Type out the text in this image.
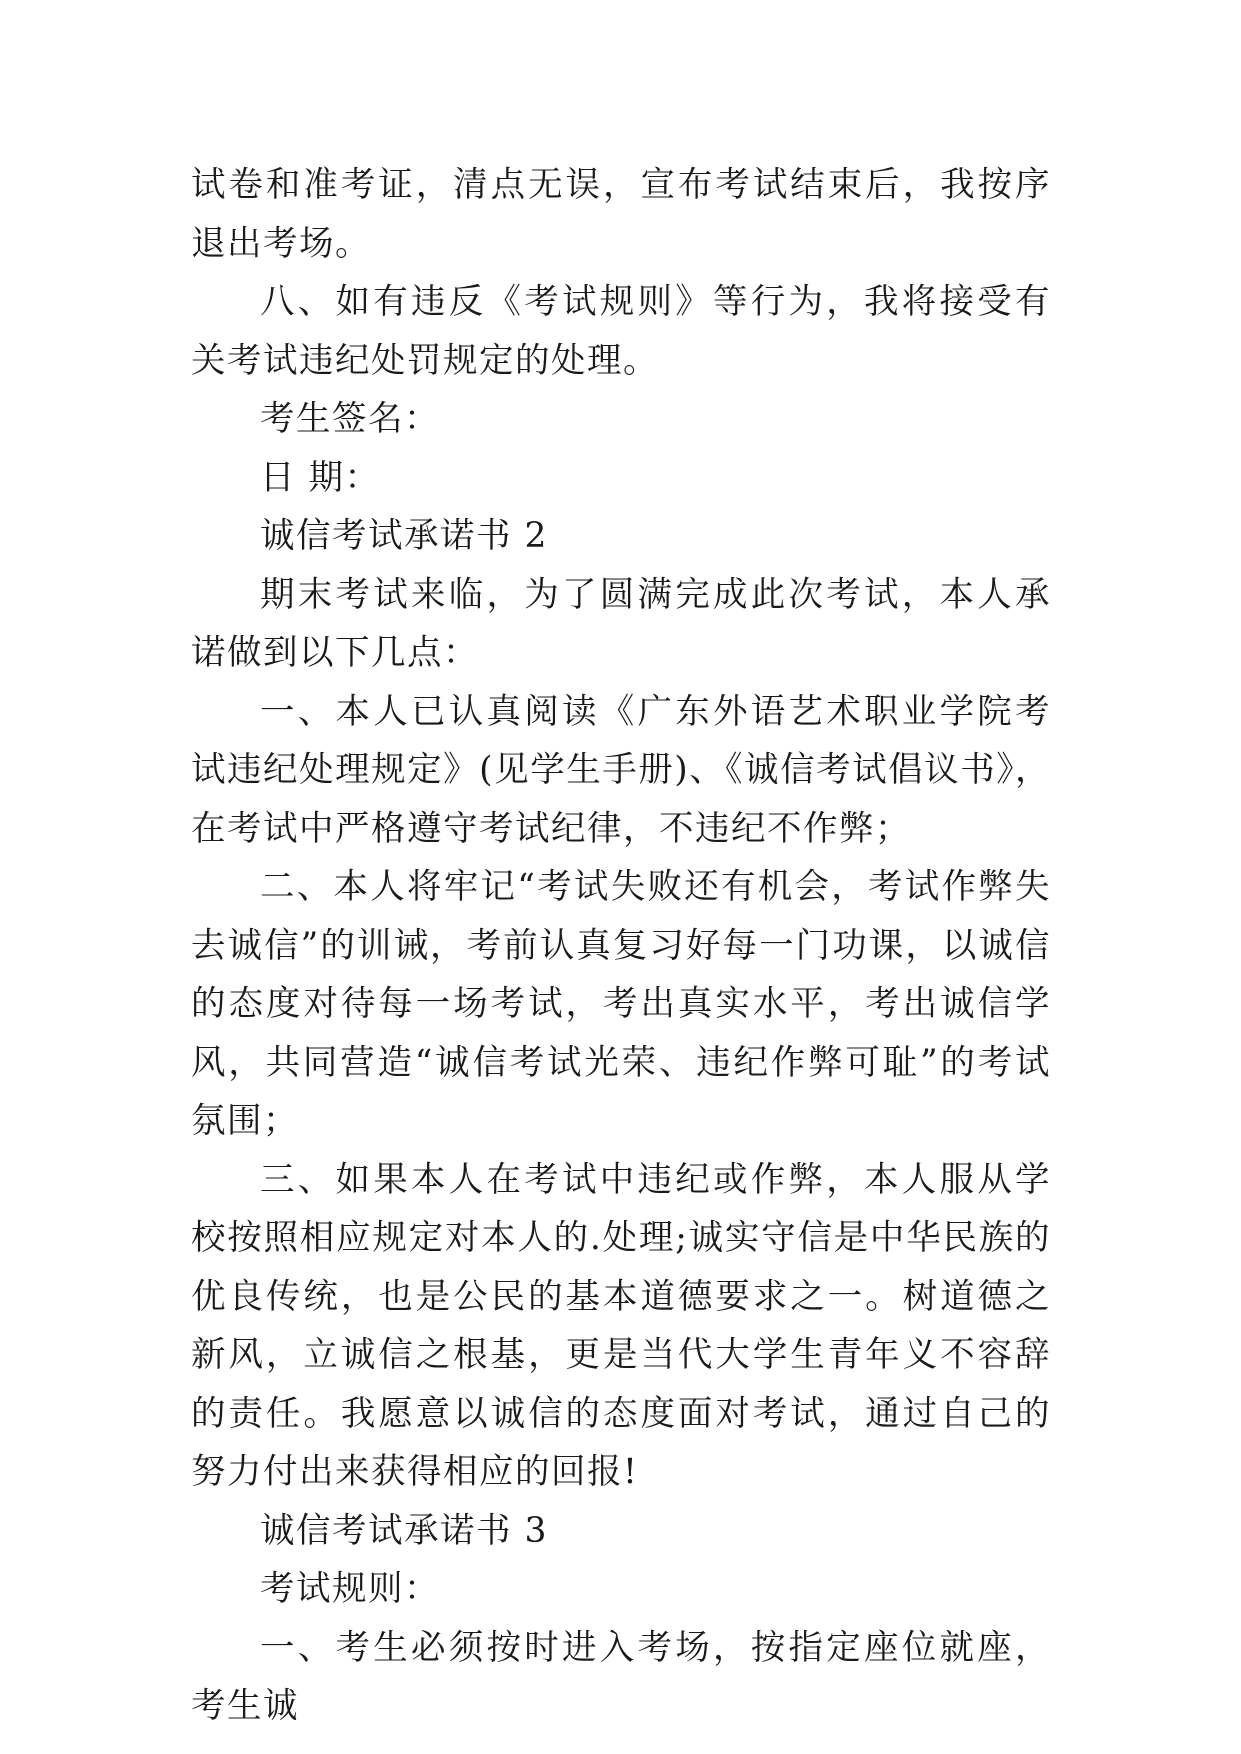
试卷和准考证，清点无误，宣布考试结束后，我按序退出考场。

八、如有违反《考试规则》等行为，我将接受有关考试违纪处罚规定的处理。

考生签名：

日 期：

诚信考试承诺书 2

期末考试来临，为了圆满完成此次考试，本人承诺做到以下几点：

一、本人已认真阅读《广东外语艺术职业学院考试违纪处理规定》(见学生手册)、《诚信考试倡议书》，在考试中严格遵守考试纪律，不违纪不作弊；

二、本人将牢记“考试失败还有机会，考试作弊失去诚信”的训诫，考前认真复习好每一门功课，以诚信的态度对待每一场考试，考出真实水平，考出诚信学风，共同营造“诚信考试光荣、违纪作弊可耻”的考试氛围；

三、如果本人在考试中违纪或作弊，本人服从学校按照相应规定对本人的.处理;诚实守信是中华民族的优良传统，也是公民的基本道德要求之一。树道德之新风，立诚信之根基，更是当代大学生青年义不容辞的责任。我愿意以诚信的态度面对考试，通过自己的努力付出来获得相应的回报!

诚信考试承诺书 3

考试规则：

一、考生必须按时进入考场，按指定座位就座，考生诚
